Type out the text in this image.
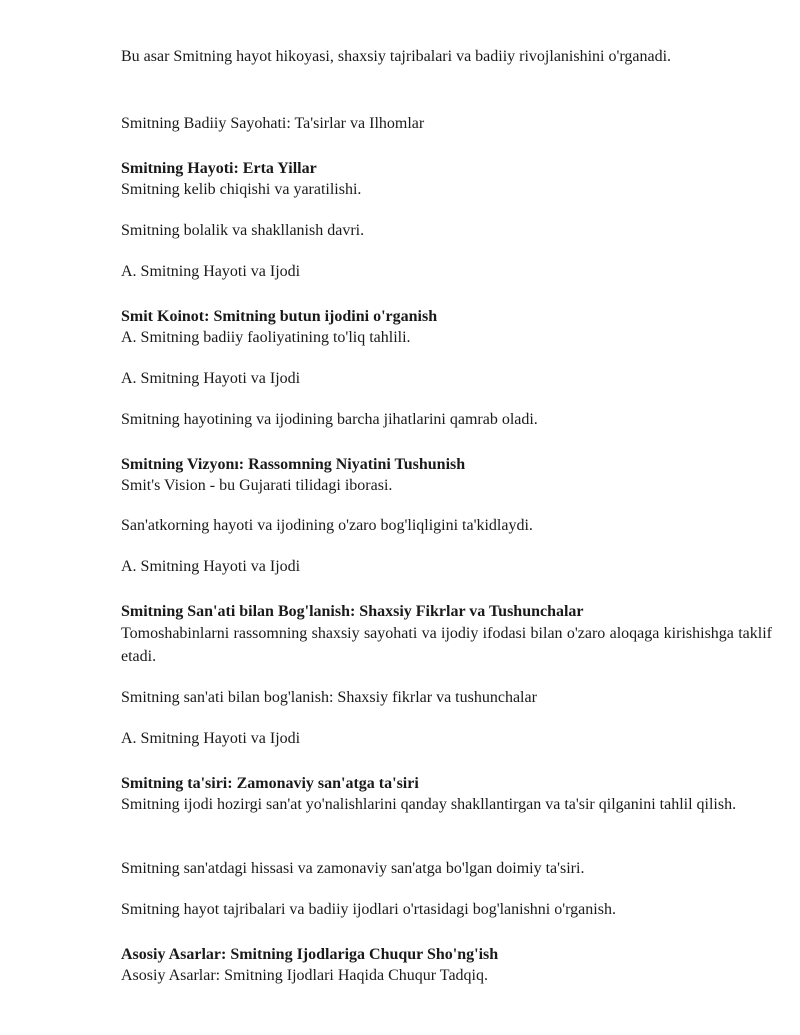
Bu asar Smitning hayot hikoyasi, shaxsiy tajribalari va badiiy rivojlanishini o'rganadi.
Smitning Badiiy Sayohati: Ta'sirlar va Ilhomlar
Smitning Hayoti: Erta Yillar
Smitning kelib chiqishi va yaratilishi.
Smitning bolalik va shakllanish davri.
A. Smitning Hayoti va Ijodi
Smit Koinot: Smitning butun ijodini o'rganish
A. Smitning badiiy faoliyatining to'liq tahlili.
A. Smitning Hayoti va Ijodi
Smitning hayotining va ijodining barcha jihatlarini qamrab oladi.
Smitning Vizyonı: Rassomning Niyatini Tushunish
Smit's Vision - bu Gujarati tilidagi iborasi.
San'atkorning hayoti va ijodining o'zaro bog'liqligini ta'kidlaydi.
A. Smitning Hayoti va Ijodi
Smitning San'ati bilan Bog'lanish: Shaxsiy Fikrlar va Tushunchalar
Tomoshabinlarni rassomning shaxsiy sayohati va ijodiy ifodasi bilan o'zaro aloqaga kirishishga taklif etadi.
Smitning san'ati bilan bog'lanish: Shaxsiy fikrlar va tushunchalar
A. Smitning Hayoti va Ijodi
Smitning ta'siri: Zamonaviy san'atga ta'siri
Smitning ijodi hozirgi san'at yo'nalishlarini qanday shakllantirgan va ta'sir qilganini tahlil qilish.
Smitning san'atdagi hissasi va zamonaviy san'atga bo'lgan doimiy ta'siri.
Smitning hayot tajribalari va badiiy ijodlari o'rtasidagi bog'lanishni o'rganish.
Asosiy Asarlar: Smitning Ijodlariga Chuqur Sho'ng'ish
Asosiy Asarlar: Smitning Ijodlari Haqida Chuqur Tadqiq.
